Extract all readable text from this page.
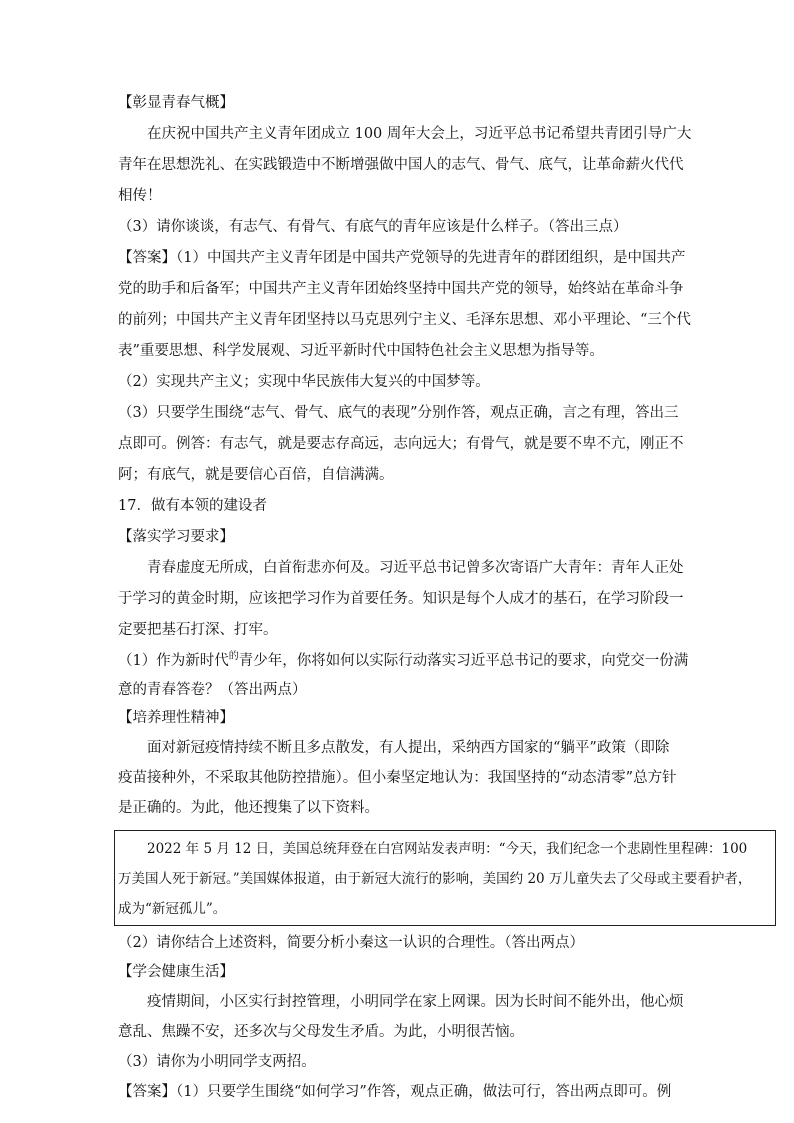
【彰显青春气概】
在庆祝中国共产主义青年团成立 100 周年大会上，习近平总书记希望共青团引导广大
青年在思想洗礼、在实践锻造中不断增强做中国人的志气、骨气、底气，让革命薪火代代
相传！
（3）请你谈谈，有志气、有骨气、有底气的青年应该是什么样子。（答出三点）
【答案】（1）中国共产主义青年团是中国共产党领导的先进青年的群团组织，是中国共产
党的助手和后备军；中国共产主义青年团始终坚持中国共产党的领导，始终站在革命斗争
的前列；中国共产主义青年团坚持以马克思列宁主义、毛泽东思想、邓小平理论、“三个代
表”重要思想、科学发展观、习近平新时代中国特色社会主义思想为指导等。
（2）实现共产主义；实现中华民族伟大复兴的中国梦等。
（3）只要学生围绕“志气、骨气、底气的表现”分别作答，观点正确，言之有理，答出三
点即可。例答：有志气，就是要志存高远，志向远大；有骨气，就是要不卑不亢，刚正不
阿；有底气，就是要信心百倍，自信满满。
17．做有本领的建设者
【落实学习要求】
青春虚度无所成，白首衔悲亦何及。习近平总书记曾多次寄语广大青年：青年人正处
于学习的黄金时期，应该把学习作为首要任务。知识是每个人成才的基石，在学习阶段一
定要把基石打深、打牢。
（1）作为新时代$^的$青少年，你将如何以实际行动落实习近平总书记的要求，向党交一份满
意的青春答卷？（答出两点）
【培养理性精神】
面对新冠疫情持续不断且多点散发，有人提出，采纳西方国家的“躺平”政策（即除
疫苗接种外，不采取其他防控措施）。但小秦坚定地认为：我国坚持的“动态清零”总方针
是正确的。为此，他还搜集了以下资料。
2022 年 5 月 12 日，美国总统拜登在白宫网站发表声明：“今天，我们纪念一个悲剧性里程碑：100
万美国人死于新冠。”美国媒体报道，由于新冠大流行的影响，美国约 20 万儿童失去了父母或主要看护者，
成为“新冠孤儿”。
（2）请你结合上述资料，简要分析小秦这一认识的合理性。（答出两点）
【学会健康生活】
疫情期间，小区实行封控管理，小明同学在家上网课。因为长时间不能外出，他心烦
意乱、焦躁不安，还多次与父母发生矛盾。为此，小明很苦恼。
（3）请你为小明同学支两招。
【答案】（1）只要学生围绕“如何学习”作答，观点正确，做法可行，答出两点即可。例
